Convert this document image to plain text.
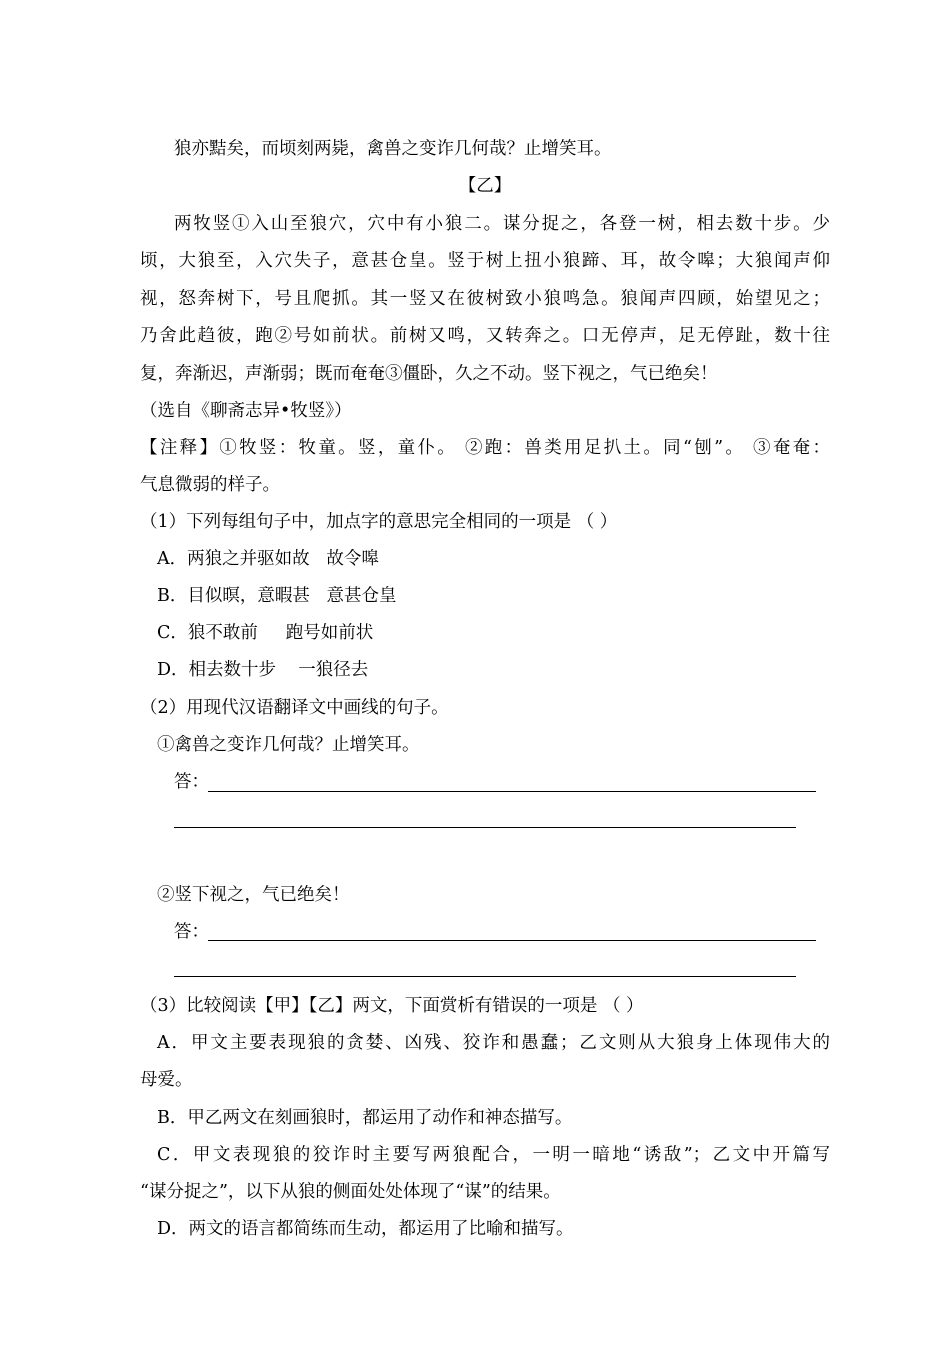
狼亦黠矣，而顷刻两毙，禽兽之变诈几何哉？止增笑耳。
【乙】
两牧竖①入山至狼穴，穴中有小狼二。谋分捉之，各登一树，相去数十步。少
顷，大狼至，入穴失子，意甚仓皇。竖于树上扭小狼蹄、耳，故令嗥；大狼闻声仰
视，怒奔树下，号且爬抓。其一竖又在彼树致小狼鸣急。狼闻声四顾，始望见之；
乃舍此趋彼，跑②号如前状。前树又鸣，又转奔之。口无停声，足无停趾，数十往
复，奔渐迟，声渐弱；既而奄奄③僵卧，久之不动。竖下视之，气已绝矣！
（选自《聊斋志异•牧竖》）
【注释】①牧竖：牧童。竖，童仆。 ②跑：兽类用足扒土。同“刨”。 ③奄奄：
气息微弱的样子。
（1）下列每组句子中，加点字的意思完全相同的一项是 （ ）
A．两狼之并驱如故   故令嗥
B．目似暝，意暇甚   意甚仓皇
C．狼不敢前     跑号如前状
D．相去数十步    一狼径去
（2）用现代汉语翻译文中画线的句子。
①禽兽之变诈几何哉？止增笑耳。
答：
②竖下视之，气已绝矣！
答：
（3）比较阅读【甲】【乙】两文，下面赏析有错误的一项是 （ ）
A．甲文主要表现狼的贪婪、凶残、狡诈和愚蠢；乙文则从大狼身上体现伟大的
母爱。
B．甲乙两文在刻画狼时，都运用了动作和神态描写。
C．甲文表现狼的狡诈时主要写两狼配合，一明一暗地“诱敌”；乙文中开篇写
“谋分捉之”，以下从狼的侧面处处体现了“谋”的结果。
D．两文的语言都简练而生动，都运用了比喻和描写。
